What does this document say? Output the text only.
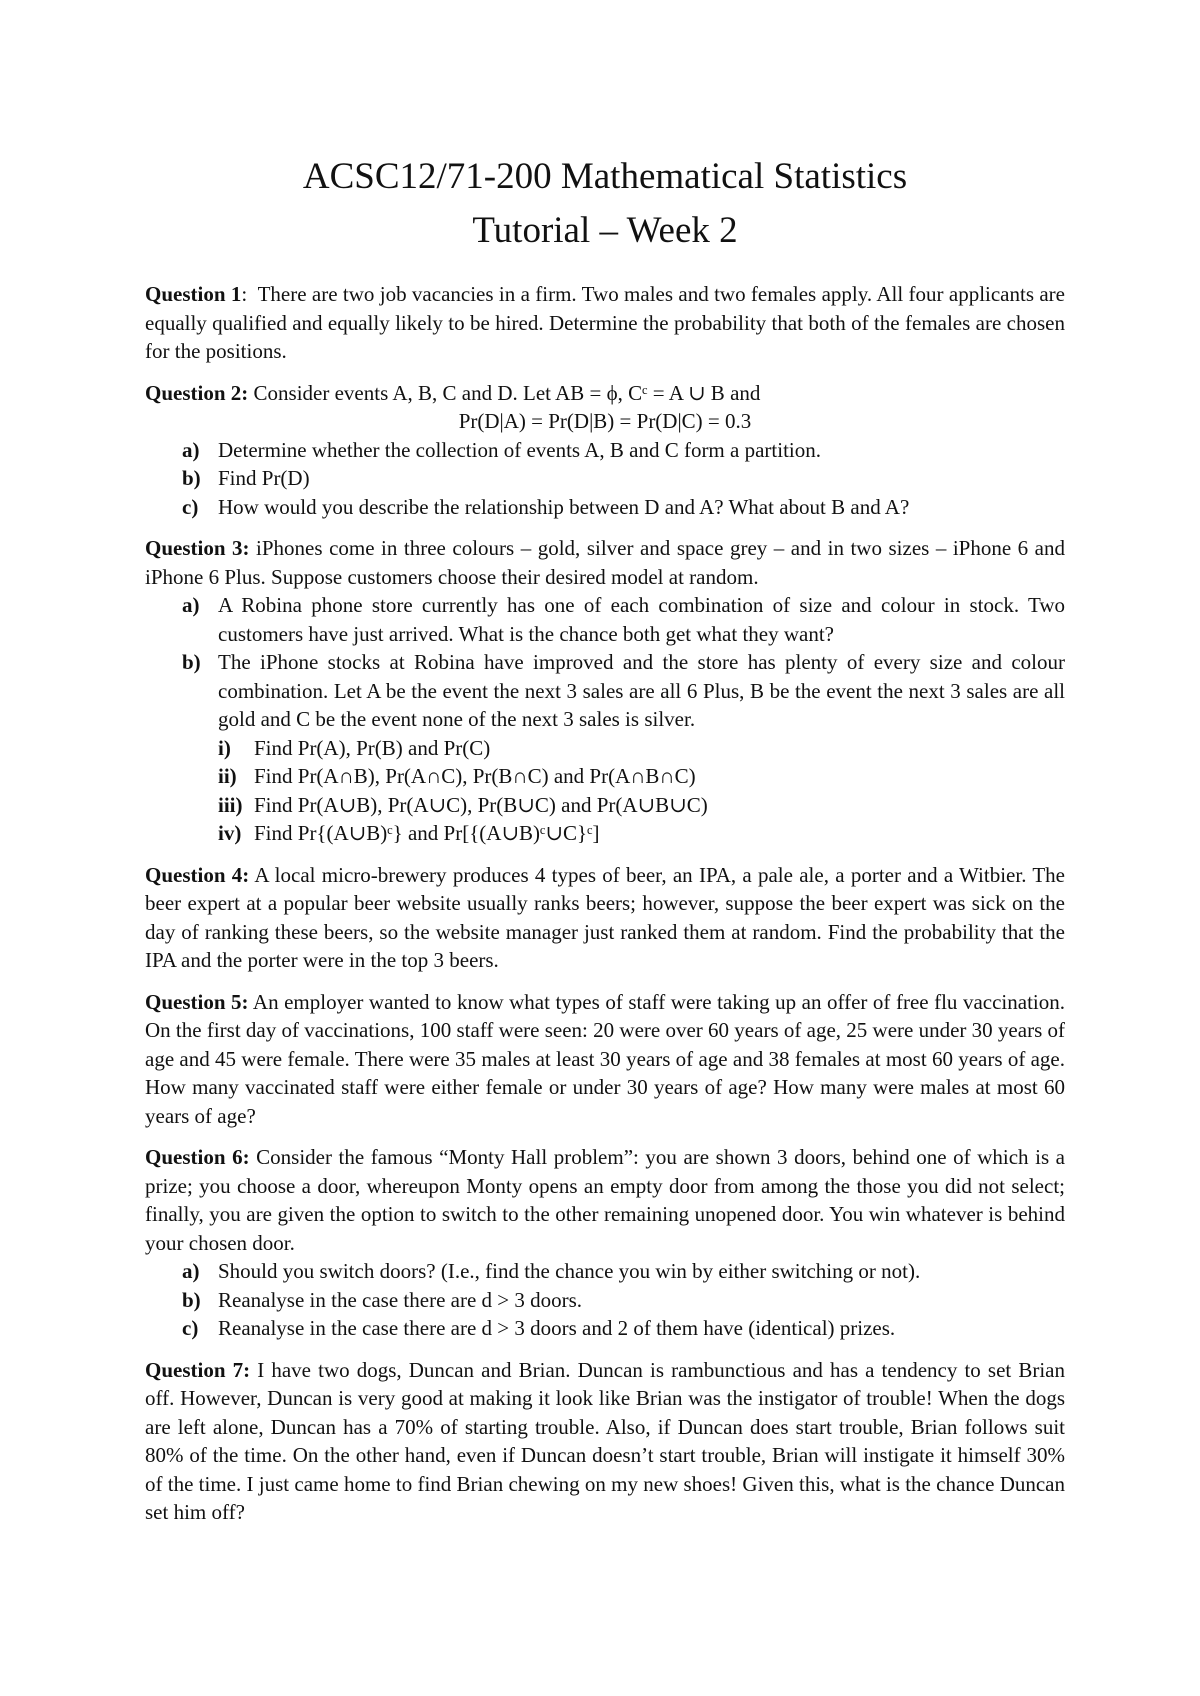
ACSC12/71-200 Mathematical Statistics
Tutorial – Week 2

Question 1:  There are two job vacancies in a firm. Two males and two females apply. All four applicants are equally qualified and equally likely to be hired. Determine the probability that both of the females are chosen for the positions.

Question 2: Consider events A, B, C and D. Let AB = ϕ, Cᶜ = A ∪ B and

Pr(D|A) = Pr(D|B) = Pr(D|C) = 0.3

a) Determine whether the collection of events A, B and C form a partition.
b) Find Pr(D)
c) How would you describe the relationship between D and A? What about B and A?

Question 3: iPhones come in three colours – gold, silver and space grey – and in two sizes – iPhone 6 and iPhone 6 Plus. Suppose customers choose their desired model at random.

a) A Robina phone store currently has one of each combination of size and colour in stock. Two customers have just arrived. What is the chance both get what they want?
b) The iPhone stocks at Robina have improved and the store has plenty of every size and colour combination. Let A be the event the next 3 sales are all 6 Plus, B be the event the next 3 sales are all gold and C be the event none of the next 3 sales is silver.
i) Find Pr(A), Pr(B) and Pr(C)
ii) Find Pr(A∩B), Pr(A∩C), Pr(B∩C) and Pr(A∩B∩C)
iii) Find Pr(A∪B), Pr(A∪C), Pr(B∪C) and Pr(A∪B∪C)
iv) Find Pr{(A∪B)ᶜ} and Pr[{(A∪B)ᶜ∪C}ᶜ]

Question 4: A local micro-brewery produces 4 types of beer, an IPA, a pale ale, a porter and a Witbier. The beer expert at a popular beer website usually ranks beers; however, suppose the beer expert was sick on the day of ranking these beers, so the website manager just ranked them at random. Find the probability that the IPA and the porter were in the top 3 beers.

Question 5: An employer wanted to know what types of staff were taking up an offer of free flu vaccination. On the first day of vaccinations, 100 staff were seen: 20 were over 60 years of age, 25 were under 30 years of age and 45 were female. There were 35 males at least 30 years of age and 38 females at most 60 years of age. How many vaccinated staff were either female or under 30 years of age? How many were males at most 60 years of age?

Question 6: Consider the famous “Monty Hall problem”: you are shown 3 doors, behind one of which is a prize; you choose a door, whereupon Monty opens an empty door from among the those you did not select; finally, you are given the option to switch to the other remaining unopened door. You win whatever is behind your chosen door.

a) Should you switch doors? (I.e., find the chance you win by either switching or not).
b) Reanalyse in the case there are d > 3 doors.
c) Reanalyse in the case there are d > 3 doors and 2 of them have (identical) prizes.

Question 7: I have two dogs, Duncan and Brian. Duncan is rambunctious and has a tendency to set Brian off. However, Duncan is very good at making it look like Brian was the instigator of trouble! When the dogs are left alone, Duncan has a 70% of starting trouble. Also, if Duncan does start trouble, Brian follows suit 80% of the time. On the other hand, even if Duncan doesn’t start trouble, Brian will instigate it himself 30% of the time. I just came home to find Brian chewing on my new shoes! Given this, what is the chance Duncan set him off?
